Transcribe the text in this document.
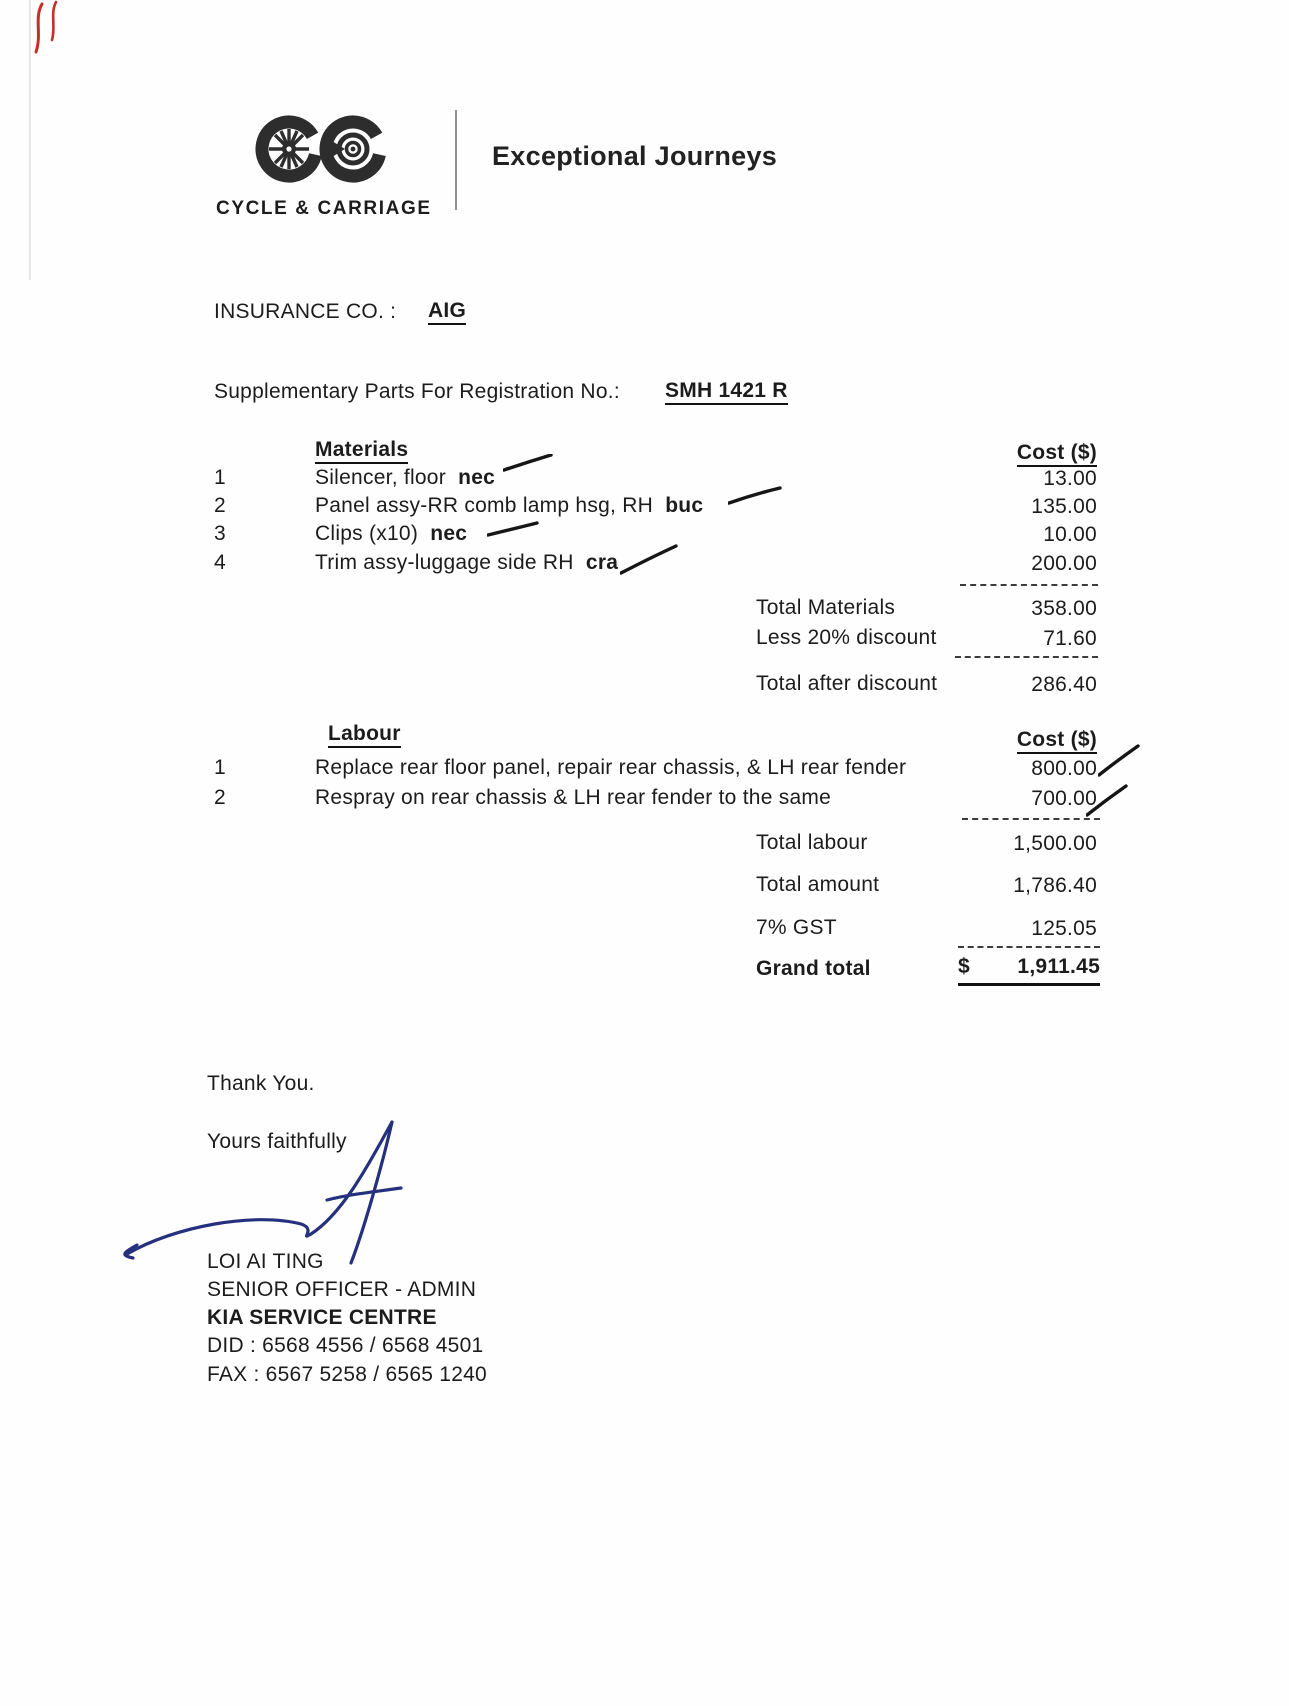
CYCLE & CARRIAGE
Exceptional Journeys
INSURANCE CO. : AIG
Supplementary Parts For Registration No.: SMH 1421 R
Materials	Cost ($)
1	Silencer, floor nec	13.00
2	Panel assy-RR comb lamp hsg, RH buc	135.00
3	Clips (x10) nec	10.00
4	Trim assy-luggage side RH cra	200.00
Total Materials	358.00
Less 20% discount	71.60
Total after discount	286.40
Labour	Cost ($)
1	Replace rear floor panel, repair rear chassis, & LH rear fender	800.00
2	Respray on rear chassis & LH rear fender to the same	700.00
Total labour	1,500.00
Total amount	1,786.40
7% GST	125.05
Grand total	$ 1,911.45
Thank You.
Yours faithfully
LOI AI TING
SENIOR OFFICER - ADMIN
KIA SERVICE CENTRE
DID : 6568 4556 / 6568 4501
FAX : 6567 5258 / 6565 1240
